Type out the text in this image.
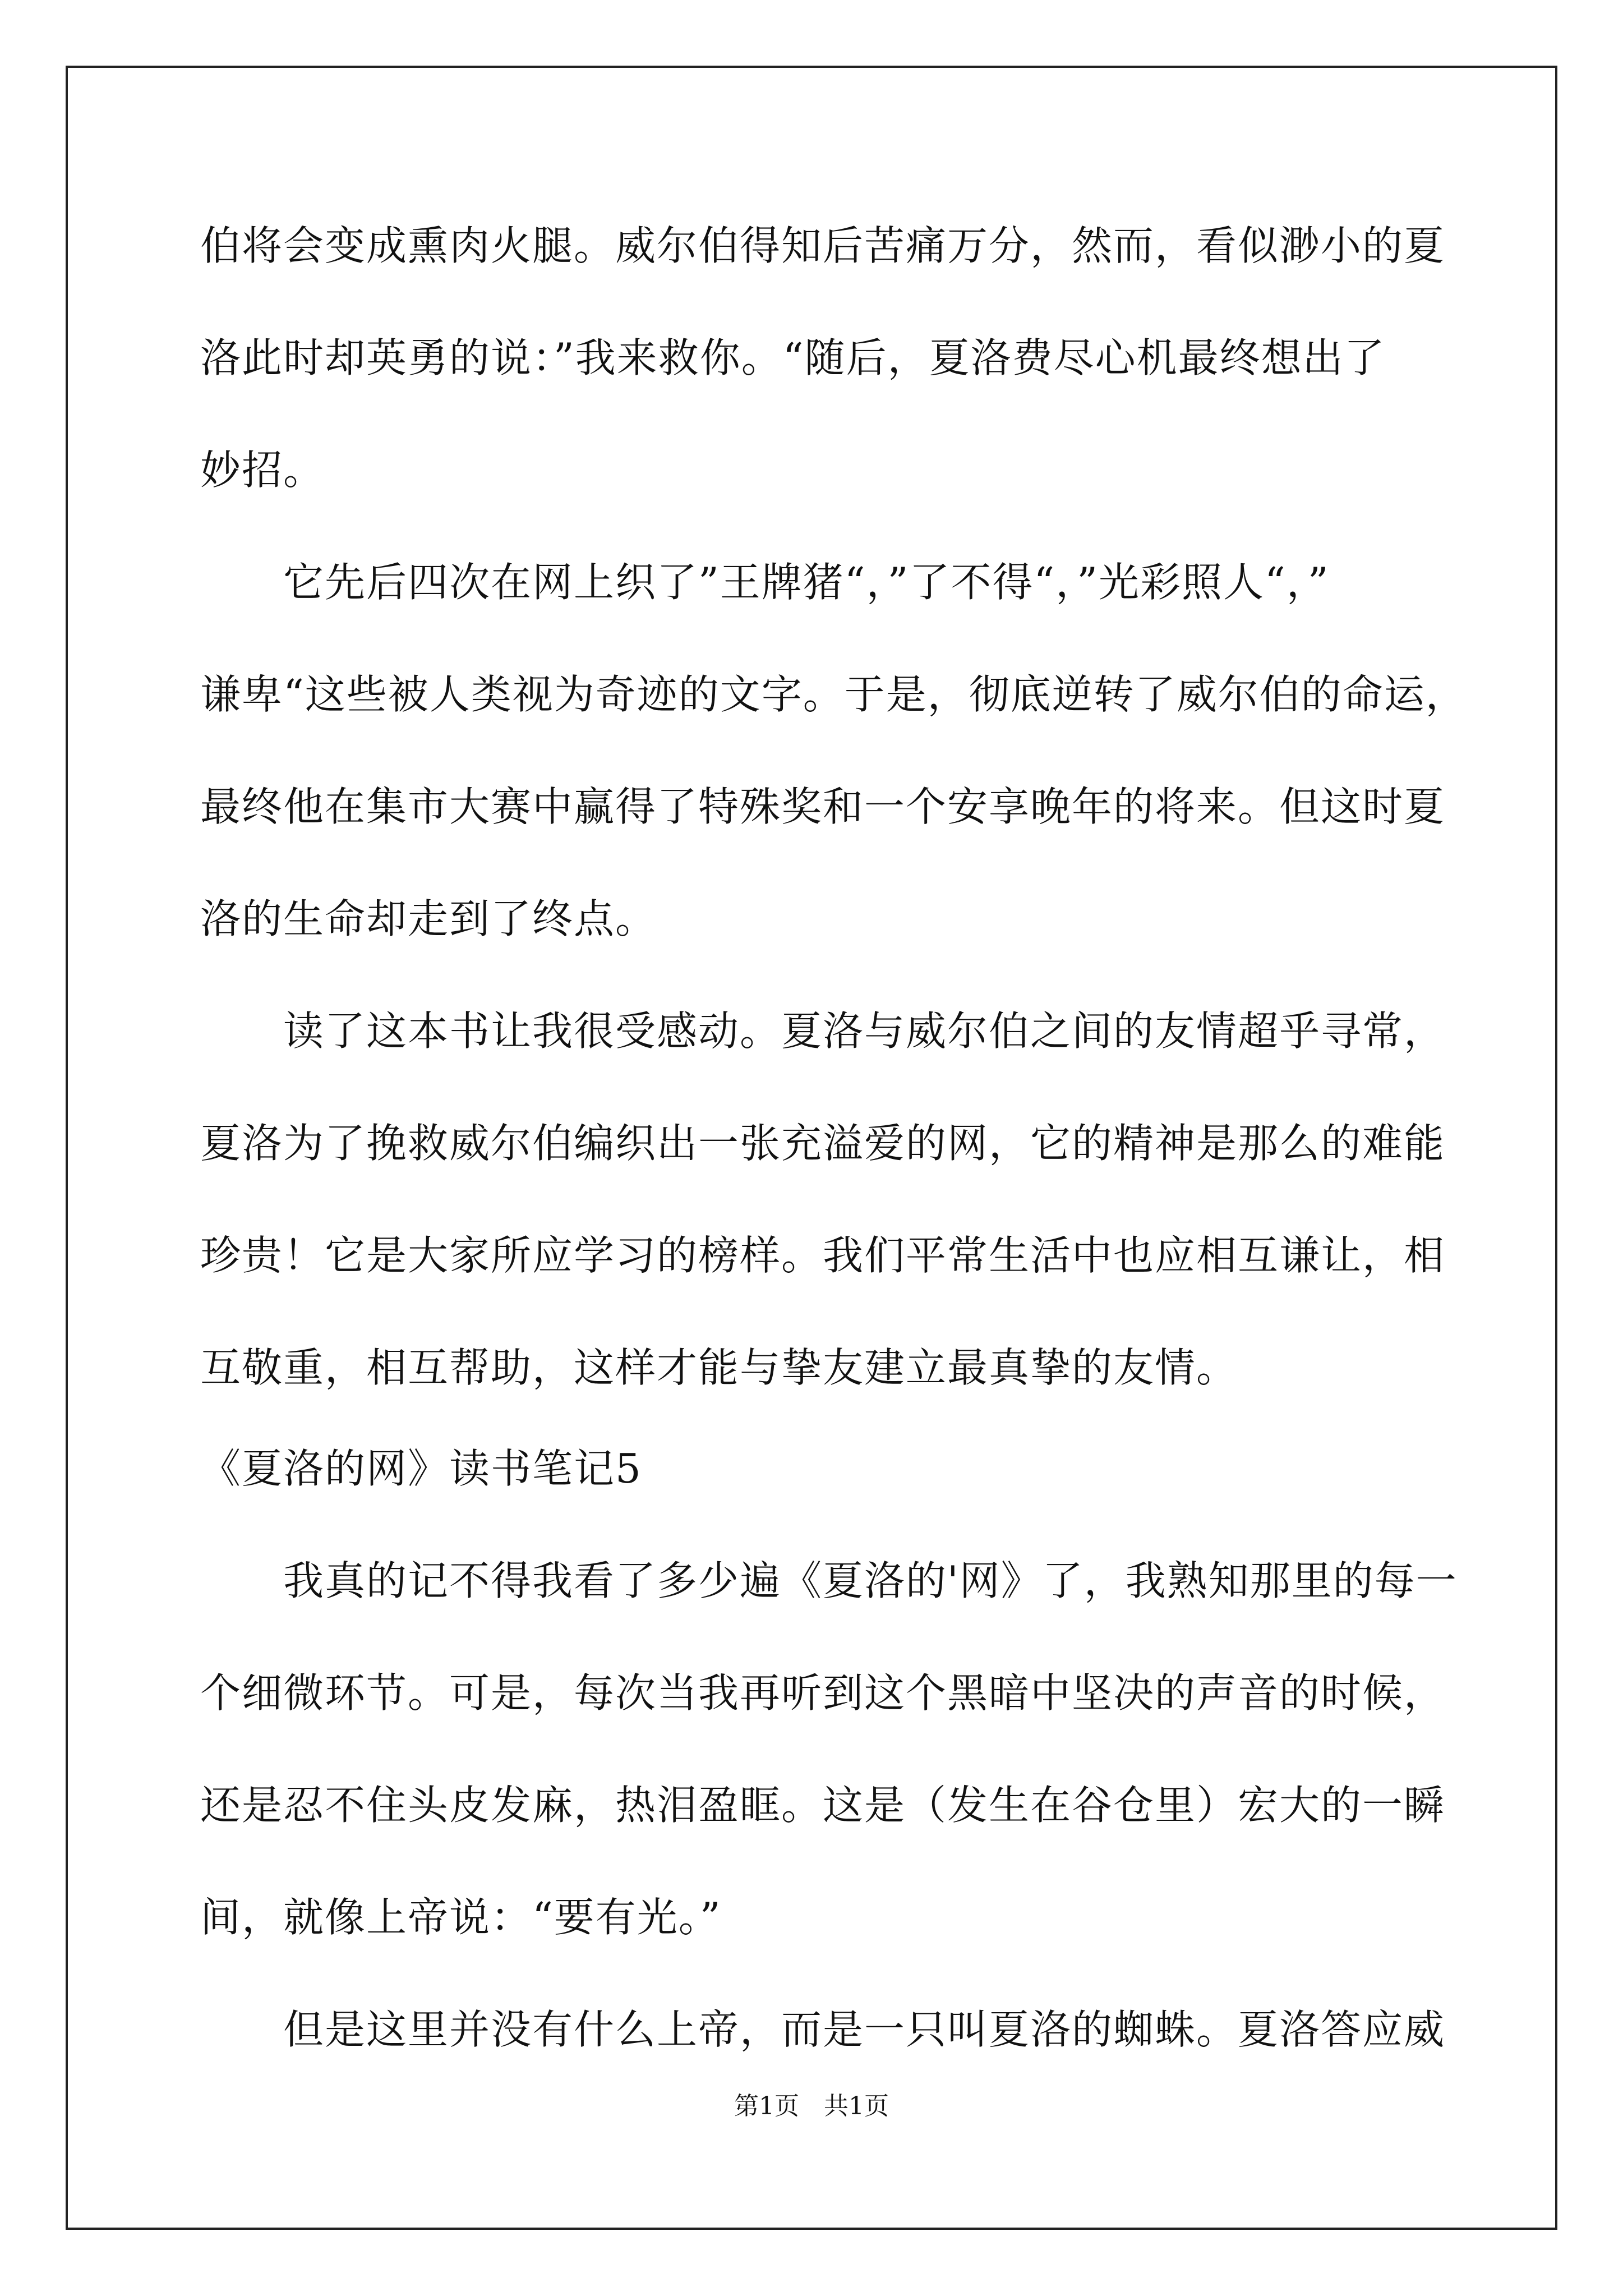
伯将会变成熏肉火腿。威尔伯得知后苦痛万分，然而，看似渺小的夏
洛此时却英勇的说：”我来救你。“随后，夏洛费尽心机最终想出了
妙招。
　　它先后四次在网上织了”王牌猪“，”了不得“，”光彩照人“，”
谦卑“这些被人类视为奇迹的文字。于是，彻底逆转了威尔伯的命运，
最终他在集市大赛中赢得了特殊奖和一个安享晚年的将来。但这时夏
洛的生命却走到了终点。
　　读了这本书让我很受感动。夏洛与威尔伯之间的友情超乎寻常，
夏洛为了挽救威尔伯编织出一张充溢爱的网，它的精神是那么的难能
珍贵！它是大家所应学习的榜样。我们平常生活中也应相互谦让，相
互敬重，相互帮助，这样才能与挚友建立最真挚的友情。
《夏洛的网》读书笔记5
　　我真的记不得我看了多少遍《夏洛的'网》了，我熟知那里的每一
个细微环节。可是，每次当我再听到这个黑暗中坚决的声音的时候，
还是忍不住头皮发麻，热泪盈眶。这是（发生在谷仓里）宏大的一瞬
间，就像上帝说：“要有光。”
　　但是这里并没有什么上帝，而是一只叫夏洛的蜘蛛。夏洛答应威
第1页　共1页
